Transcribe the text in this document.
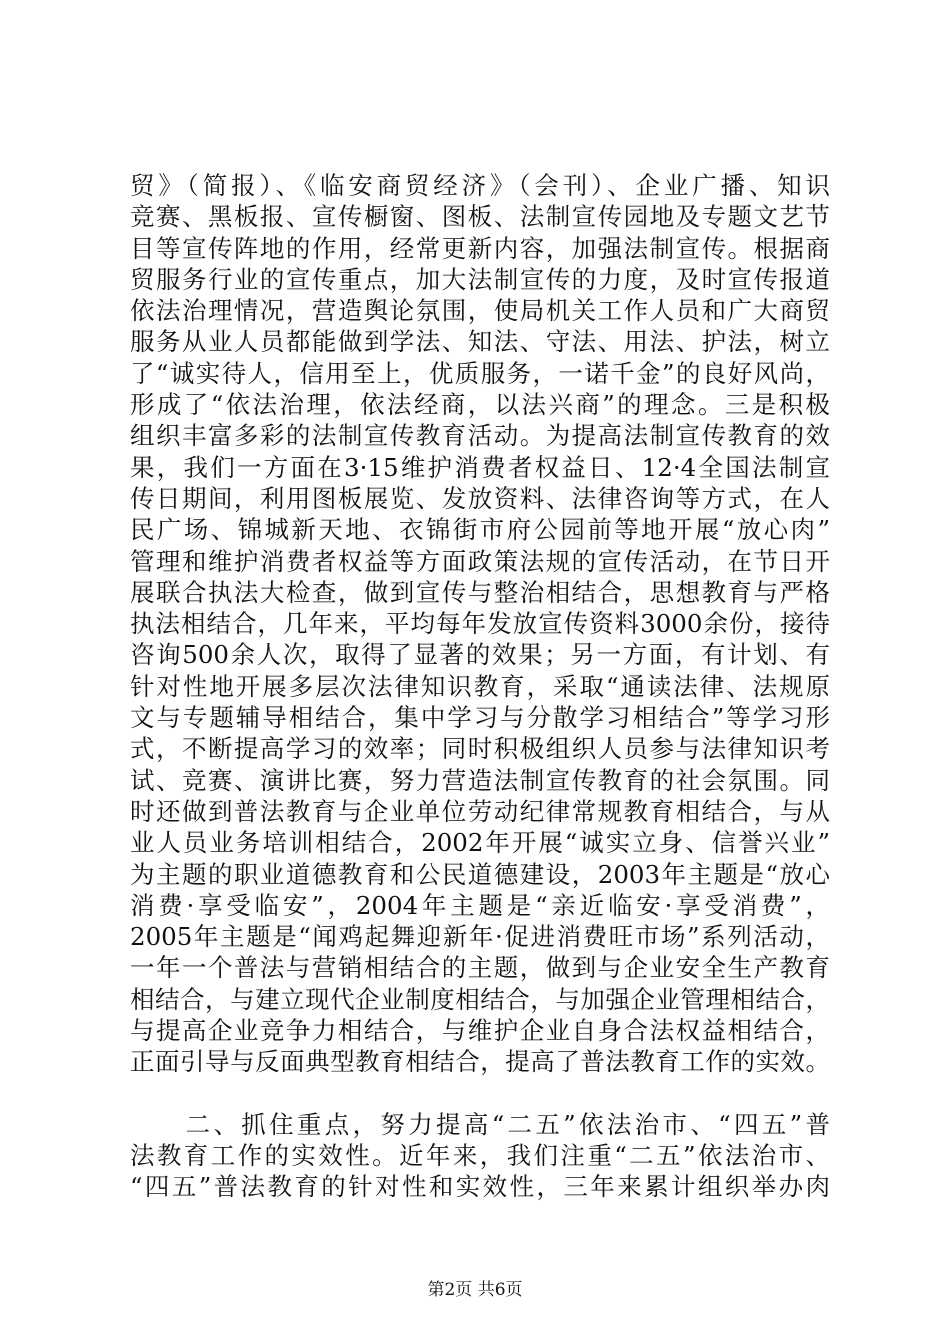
贸》（简报）、《临安商贸经济》（会刊）、企业广播、知识
竞赛、黑板报、宣传橱窗、图板、法制宣传园地及专题文艺节
目等宣传阵地的作用，经常更新内容，加强法制宣传。根据商
贸服务行业的宣传重点，加大法制宣传的力度，及时宣传报道
依法治理情况，营造舆论氛围，使局机关工作人员和广大商贸
服务从业人员都能做到学法、知法、守法、用法、护法，树立
了“诚实待人，信用至上，优质服务，一诺千金”的良好风尚，
形成了“依法治理，依法经商，以法兴商”的理念。三是积极
组织丰富多彩的法制宣传教育活动。为提高法制宣传教育的效
果，我们一方面在3·15维护消费者权益日、12·4全国法制宣
传日期间，利用图板展览、发放资料、法律咨询等方式，在人
民广场、锦城新天地、衣锦街市府公园前等地开展“放心肉”
管理和维护消费者权益等方面政策法规的宣传活动，在节日开
展联合执法大检查，做到宣传与整治相结合，思想教育与严格
执法相结合，几年来，平均每年发放宣传资料3000余份，接待
咨询500余人次，取得了显著的效果；另一方面，有计划、有
针对性地开展多层次法律知识教育，采取“通读法律、法规原
文与专题辅导相结合，集中学习与分散学习相结合”等学习形
式，不断提高学习的效率；同时积极组织人员参与法律知识考
试、竞赛、演讲比赛，努力营造法制宣传教育的社会氛围。同
时还做到普法教育与企业单位劳动纪律常规教育相结合，与从
业人员业务培训相结合，2002年开展“诚实立身、信誉兴业”
为主题的职业道德教育和公民道德建设，2003年主题是“放心
消费·享受临安”，2004年主题是“亲近临安·享受消费”，
2005年主题是“闻鸡起舞迎新年·促进消费旺市场”系列活动，
一年一个普法与营销相结合的主题，做到与企业安全生产教育
相结合，与建立现代企业制度相结合，与加强企业管理相结合，
与提高企业竞争力相结合，与维护企业自身合法权益相结合，
正面引导与反面典型教育相结合，提高了普法教育工作的实效。
　　二、抓住重点，努力提高“二五”依法治市、“四五”普
法教育工作的实效性。近年来，我们注重“二五”依法治市、
“四五”普法教育的针对性和实效性，三年来累计组织举办肉
第2页 共6页
